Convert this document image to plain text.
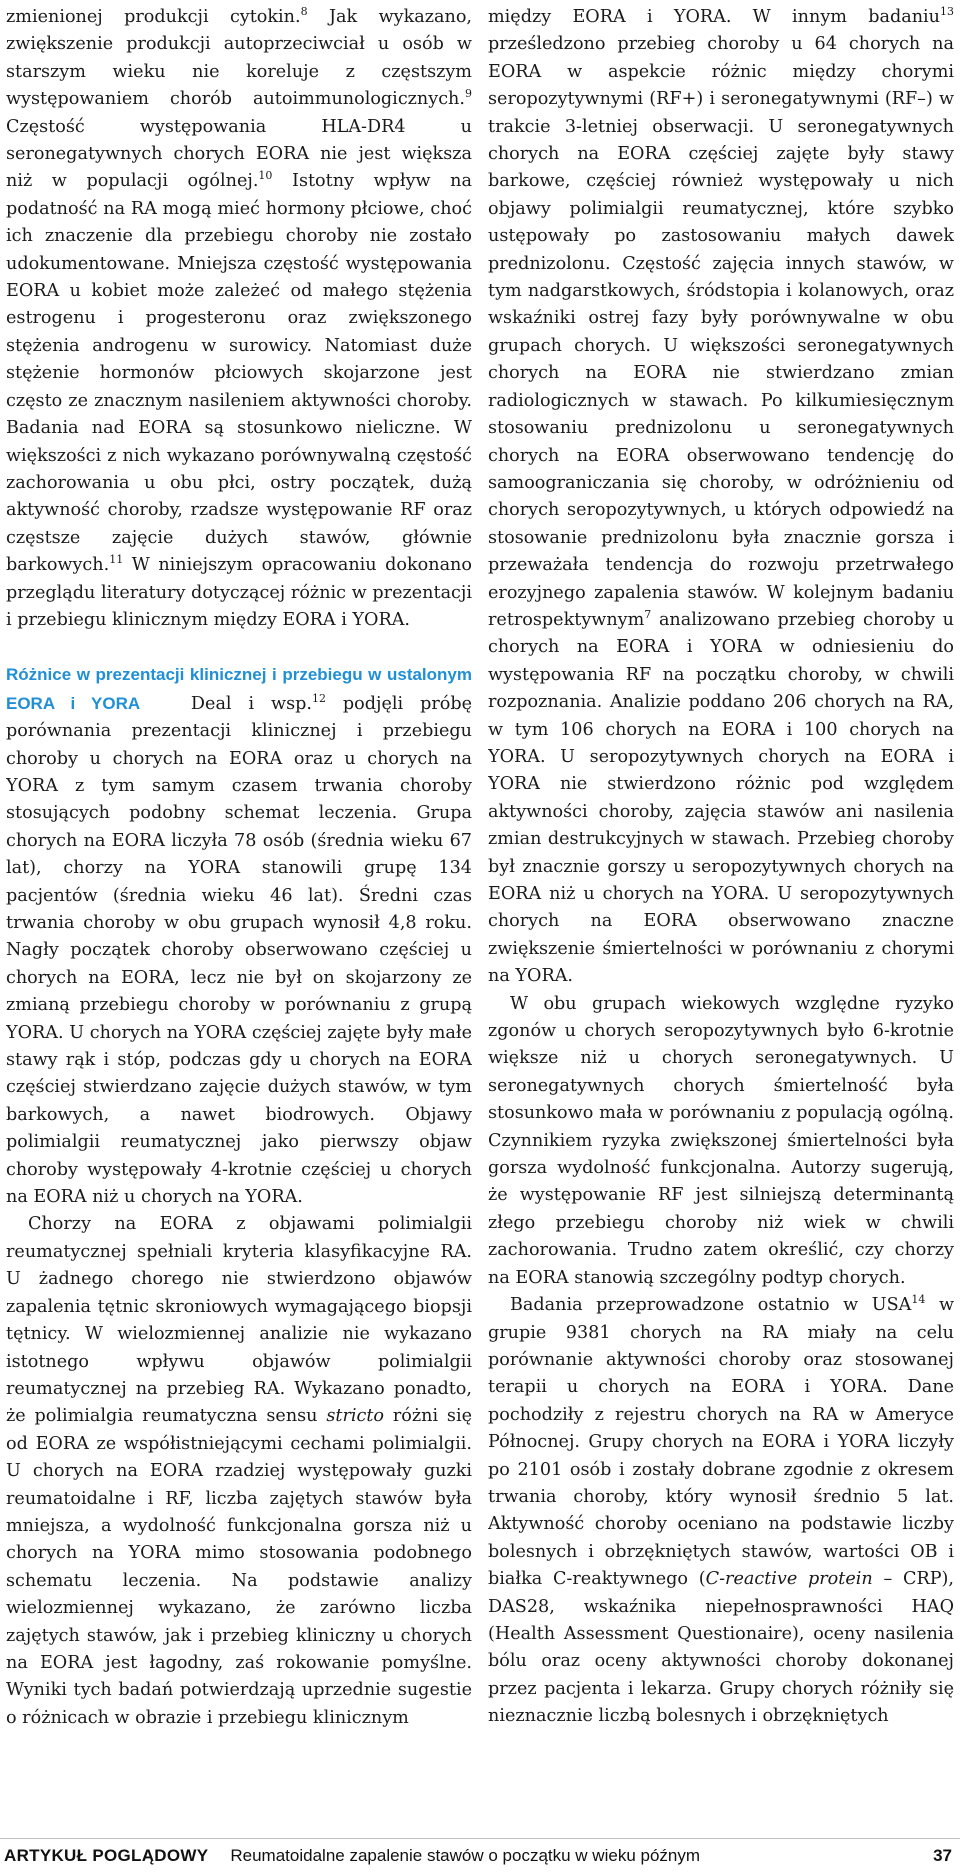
zmienionej produkcji cytokin.$^8$ Jak wykazano, zwiększenie produkcji autoprzeciwciał u osób w starszym wieku nie koreluje z częstszym występowaniem chorób autoimmunologicznych.$^9$ Częstość występowania HLA-DR4 u seronegatywnych chorych EORA nie jest większa niż w populacji ogólnej.$^{10}$ Istotny wpływ na podatność na RA mogą mieć hormony płciowe, choć ich znaczenie dla przebiegu choroby nie zostało udokumentowane. Mniejsza częstość występowania EORA u kobiet może zależeć od małego stężenia estrogenu i progesteronu oraz zwiększonego stężenia androgenu w surowicy. Natomiast duże stężenie hormonów płciowych skojarzone jest często ze znacznym nasileniem aktywności choroby. Badania nad EORA są stosunkowo nieliczne. W większości z nich wykazano porównywalną częstość zachorowania u obu płci, ostry początek, dużą aktywność choroby, rzadsze występowanie RF oraz częstsze zajęcie dużych stawów, głównie barkowych.$^{11}$ W niniejszym opracowaniu dokonano przeglądu literatury dotyczącej różnic w prezentacji i przebiegu klinicznym między EORA i YORA.

Różnice w prezentacji klinicznej i przebiegu w ustalonym EORA i YORA	Deal i wsp.$^{12}$ podjęli próbę porównania prezentacji klinicznej i przebiegu choroby u chorych na EORA oraz u chorych na YORA z tym samym czasem trwania choroby stosujących podobny schemat leczenia. Grupa chorych na EORA liczyła 78 osób (średnia wieku 67 lat), chorzy na YORA stanowili grupę 134 pacjentów (średnia wieku 46 lat). Średni czas trwania choroby w obu grupach wynosił 4,8 roku. Nagły początek choroby obserwowano częściej u chorych na EORA, lecz nie był on skojarzony ze zmianą przebiegu choroby w porównaniu z grupą YORA. U chorych na YORA częściej zajęte były małe stawy rąk i stóp, podczas gdy u chorych na EORA częściej stwierdzano zajęcie dużych stawów, w tym barkowych, a nawet biodrowych. Objawy polimialgii reumatycznej jako pierwszy objaw choroby występowały 4-krotnie częściej u chorych na EORA niż u chorych na YORA.

Chorzy na EORA z objawami polimialgii reumatycznej spełniali kryteria klasyfikacyjne RA. U żadnego chorego nie stwierdzono objawów zapalenia tętnic skroniowych wymagającego biopsji tętnicy. W wielozmiennej analizie nie wykazano istotnego wpływu objawów polimialgii reumatycznej na przebieg RA. Wykazano ponadto, że polimialgia reumatyczna sensu stricto różni się od EORA ze współistniejącymi cechami polimialgii. U chorych na EORA rzadziej występowały guzki reumatoidalne i RF, liczba zajętych stawów była mniejsza, a wydolność funkcjonalna gorsza niż u chorych na YORA mimo stosowania podobnego schematu leczenia. Na podstawie analizy wielozmiennej wykazano, że zarówno liczba zajętych stawów, jak i przebieg kliniczny u chorych na EORA jest łagodny, zaś rokowanie pomyślne. Wyniki tych badań potwierdzają uprzednie sugestie o różnicach w obrazie i przebiegu klinicznym

między EORA i YORA. W innym badaniu$^{13}$ prześledzono przebieg choroby u 64 chorych na EORA w aspekcie różnic między chorymi seropozytywnymi (RF+) i seronegatywnymi (RF–) w trakcie 3-letniej obserwacji. U seronegatywnych chorych na EORA częściej zajęte były stawy barkowe, częściej również występowały u nich objawy polimialgii reumatycznej, które szybko ustępowały po zastosowaniu małych dawek prednizolonu. Częstość zajęcia innych stawów, w tym nadgarstkowych, śródstopia i kolanowych, oraz wskaźniki ostrej fazy były porównywalne w obu grupach chorych. U większości seronegatywnych chorych na EORA nie stwierdzano zmian radiologicznych w stawach. Po kilkumiesięcznym stosowaniu prednizolonu u seronegatywnych chorych na EORA obserwowano tendencję do samoograniczania się choroby, w odróżnieniu od chorych seropozytywnych, u których odpowiedź na stosowanie prednizolonu była znacznie gorsza i przeważała tendencja do rozwoju przetrwałego erozyjnego zapalenia stawów. W kolejnym badaniu retrospektywnym$^7$ analizowano przebieg choroby u chorych na EORA i YORA w odniesieniu do występowania RF na początku choroby, w chwili rozpoznania. Analizie poddano 206 chorych na RA, w tym 106 chorych na EORA i 100 chorych na YORA. U seropozytywnych chorych na EORA i YORA nie stwierdzono różnic pod względem aktywności choroby, zajęcia stawów ani nasilenia zmian destrukcyjnych w stawach. Przebieg choroby był znacznie gorszy u seropozytywnych chorych na EORA niż u chorych na YORA. U seropozytywnych chorych na EORA obserwowano znaczne zwiększenie śmiertelności w porównaniu z chorymi na YORA.

W obu grupach wiekowych względne ryzyko zgonów u chorych seropozytywnych było 6-krotnie większe niż u chorych seronegatywnych. U seronegatywnych chorych śmiertelność była stosunkowo mała w porównaniu z populacją ogólną. Czynnikiem ryzyka zwiększonej śmiertelności była gorsza wydolność funkcjonalna. Autorzy sugerują, że występowanie RF jest silniejszą determinantą złego przebiegu choroby niż wiek w chwili zachorowania. Trudno zatem określić, czy chorzy na EORA stanowią szczególny podtyp chorych.

Badania przeprowadzone ostatnio w USA$^{14}$ w grupie 9381 chorych na RA miały na celu porównanie aktywności choroby oraz stosowanej terapii u chorych na EORA i YORA. Dane pochodziły z rejestru chorych na RA w Ameryce Północnej. Grupy chorych na EORA i YORA liczyły po 2101 osób i zostały dobrane zgodnie z okresem trwania choroby, który wynosił średnio 5 lat. Aktywność choroby oceniano na podstawie liczby bolesnych i obrzękniętych stawów, wartości OB i białka C-reaktywnego (C-reactive protein – CRP), DAS28, wskaźnika niepełnosprawności HAQ (Health Assessment Questionaire), oceny nasilenia bólu oraz oceny aktywności choroby dokonanej przez pacjenta i lekarza. Grupy chorych różniły się nieznacznie liczbą bolesnych i obrzękniętych

ARTYKUŁ POGLĄDOWY Reumatoidalne zapalenie stawów o początku w wieku późnym	37
